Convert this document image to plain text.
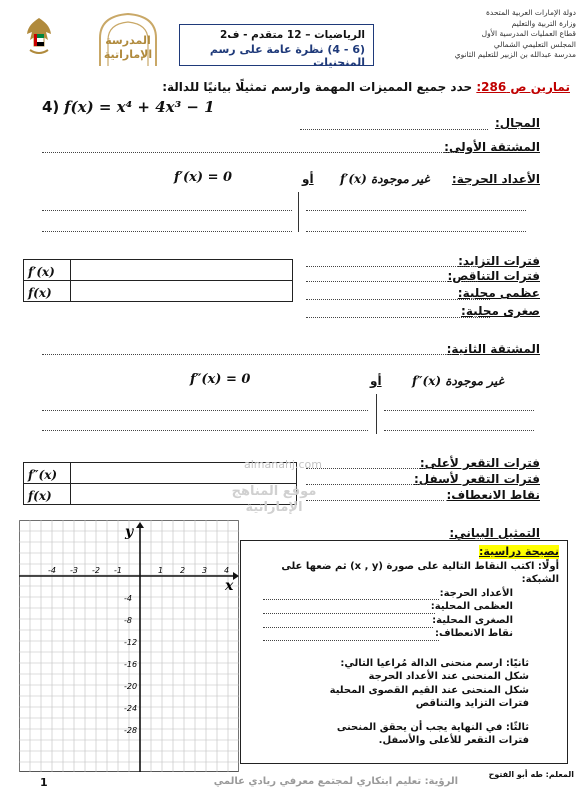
المدرسة الإماراتية
دولة الإمارات العربية المتحدة
وزارة التربية والتعليم
قطاع العمليات المدرسية الأول
المجلس التعليمي الشمالي
مدرسة عبدالله بن الزبير للتعليم الثانوي
الرياضيات – 12 متقدم - ف2
(6 - 4) نظرة عامة على رسم المنحنيات
تمارين ص 286: حدد جميع المميزات المهمة وارسم تمثيلًا بيانيًا للدالة:
4) f(x) = x⁴ + 4x³ − 1
المجال:
المشتقة الأولى:
الأعداد الحرجة:
f′(x) غير موجودة
أو
f′(x) = 0
f′(x)	
f(x)	
فترات التزايد:
فترات التناقص:
عظمى محلية:
صغرى محلية:
المشتقة الثانية:
f″(x) غير موجودة
أو
f″(x) = 0
f″(x)	
f(x)	
فترات التقعر لأعلى:
فترات التقعر لأسفل:
نقاط الانعطاف:
almanahj.com
موقع المناهج الإماراتية
التمثيل البياني:
x
y
-4 -3 -2 -1	1 2 3 4
-4
-8
-12
-16
-20
-24
-28
نصيحة دراسية:
أولًا: اكتب النقاط التالية على صورة (x , y) ثم ضعها على الشبكة:
الأعداد الحرجة:
العظمى المحلية:
الصغرى المحلية:
نقاط الانعطاف:
ثانيًا: ارسم منحنى الدالة مُراعيا التالي:
شكل المنحنى عند الأعداد الحرجة
شكل المنحنى عند القيم القصوى المحلية
فترات التزايد والتناقص
ثالثًا: في النهاية يجب أن يحقق المنحنى فترات التقعر للأعلى والأسفل.
1	الرؤية: تعليم ابتكاري لمجتمع معرفي ريادي عالمي
المعلم: طه أبو الفتوح
